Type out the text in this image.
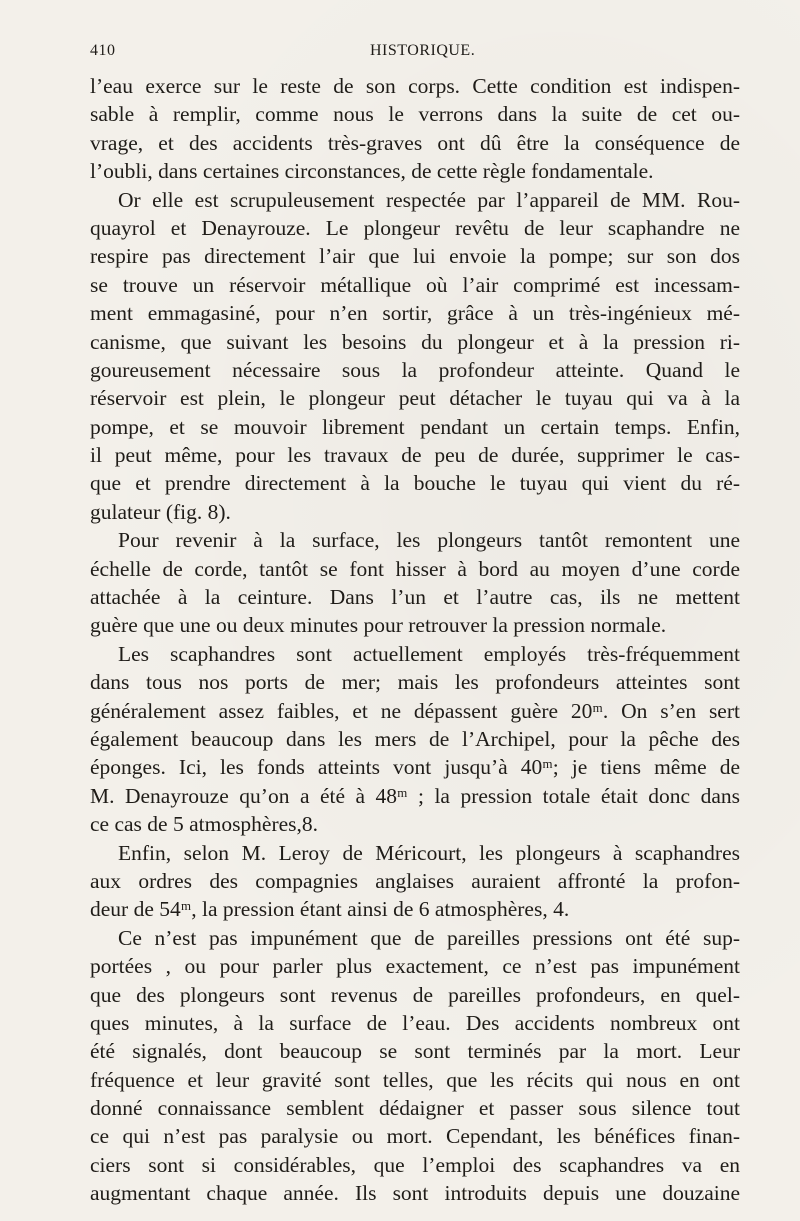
410	HISTORIQUE.

l’eau exerce sur le reste de son corps. Cette condition est indispen-
sable à remplir, comme nous le verrons dans la suite de cet ou-
vrage, et des accidents très-graves ont dû être la conséquence de
l’oubli, dans certaines circonstances, de cette règle fondamentale.

Or elle est scrupuleusement respectée par l’appareil de MM. Rou-
quayrol et Denayrouze. Le plongeur revêtu de leur scaphandre ne
respire pas directement l’air que lui envoie la pompe; sur son dos
se trouve un réservoir métallique où l’air comprimé est incessam-
ment emmagasiné, pour n’en sortir, grâce à un très-ingénieux mé-
canisme, que suivant les besoins du plongeur et à la pression ri-
goureusement nécessaire sous la profondeur atteinte. Quand le
réservoir est plein, le plongeur peut détacher le tuyau qui va à la
pompe, et se mouvoir librement pendant un certain temps. Enfin,
il peut même, pour les travaux de peu de durée, supprimer le cas-
que et prendre directement à la bouche le tuyau qui vient du ré-
gulateur (fig. 8).

Pour revenir à la surface, les plongeurs tantôt remontent une
échelle de corde, tantôt se font hisser à bord au moyen d’une corde
attachée à la ceinture. Dans l’un et l’autre cas, ils ne mettent
guère que une ou deux minutes pour retrouver la pression normale.

Les scaphandres sont actuellement employés très-fréquemment
dans tous nos ports de mer; mais les profondeurs atteintes sont
généralement assez faibles, et ne dépassent guère 20ᵐ. On s’en sert
également beaucoup dans les mers de l’Archipel, pour la pêche des
éponges. Ici, les fonds atteints vont jusqu’à 40ᵐ; je tiens même de
M. Denayrouze qu’on a été à 48ᵐ ; la pression totale était donc dans
ce cas de 5 atmosphères,8.

Enfin, selon M. Leroy de Méricourt, les plongeurs à scaphandres
aux ordres des compagnies anglaises auraient affronté la profon-
deur de 54ᵐ, la pression étant ainsi de 6 atmosphères, 4.

Ce n’est pas impunément que de pareilles pressions ont été sup-
portées , ou pour parler plus exactement, ce n’est pas impunément
que des plongeurs sont revenus de pareilles profondeurs, en quel-
ques minutes, à la surface de l’eau. Des accidents nombreux ont
été signalés, dont beaucoup se sont terminés par la mort. Leur
fréquence et leur gravité sont telles, que les récits qui nous en ont
donné connaissance semblent dédaigner et passer sous silence tout
ce qui n’est pas paralysie ou mort. Cependant, les bénéfices finan-
ciers sont si considérables, que l’emploi des scaphandres va en
augmentant chaque année. Ils sont introduits depuis une douzaine
